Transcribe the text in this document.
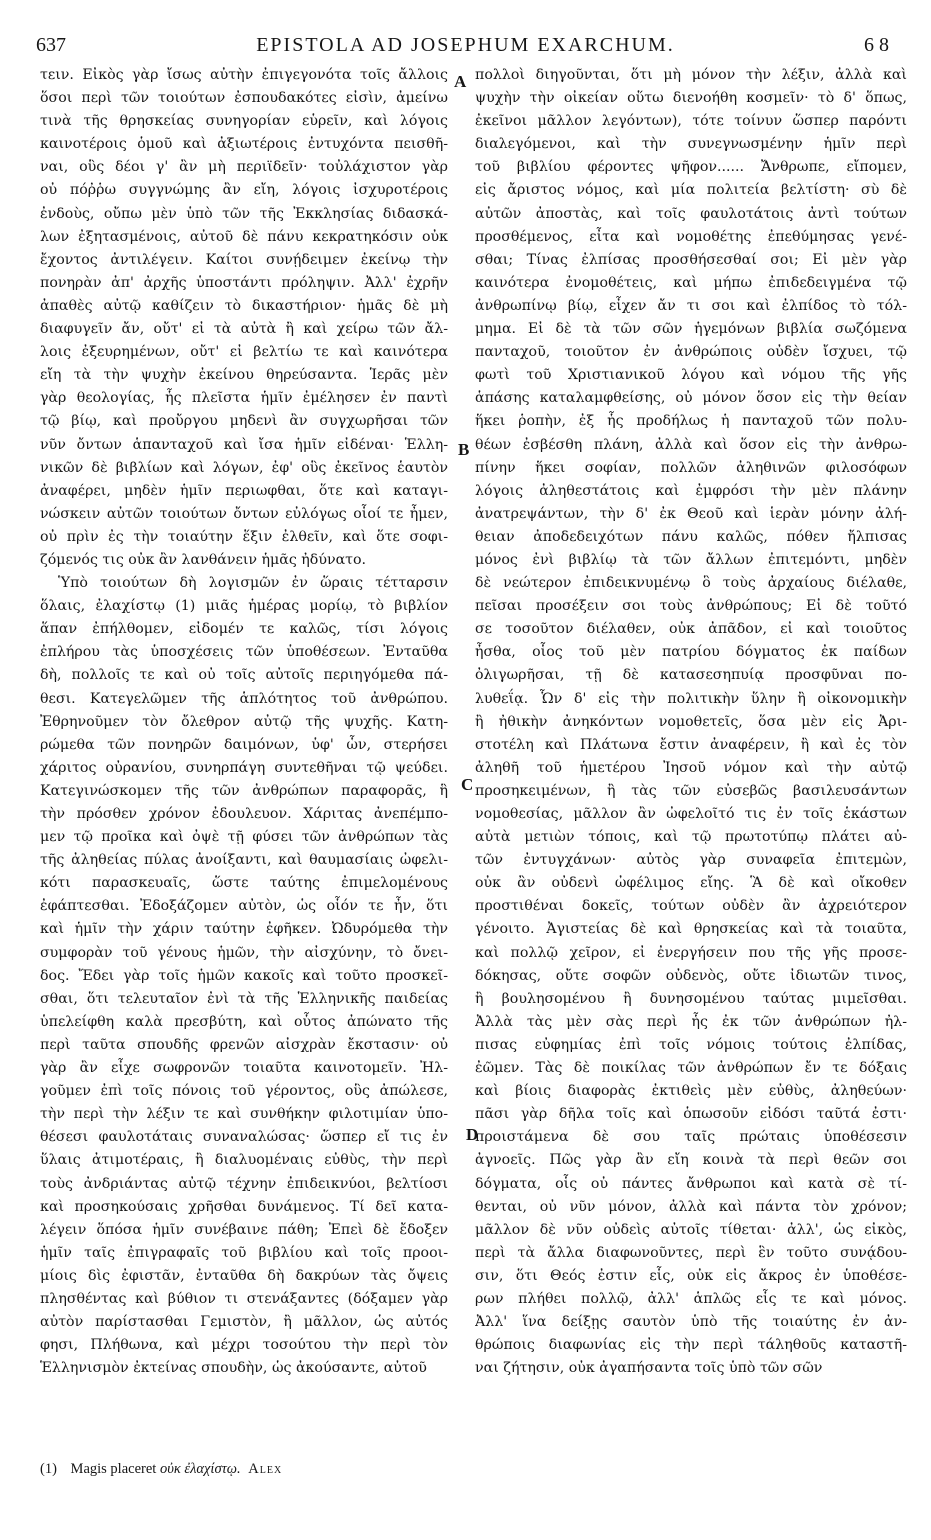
637	EPISTOLA AD JOSEPHUM EXARCHUM.	6 8
τειν. Εἰκὸς γὰρ ἴσως αὐτὴν ἐπιγεγονότα τοῖς ἄλλοις
ὅσοι περὶ τῶν τοιούτων ἐσπουδακότες εἰσὶν, ἀμείνω
τινὰ τῆς θρησκείας συνηγορίαν εὑρεῖν, καὶ λόγοις
καινοτέροις ὁμοῦ καὶ ἀξιωτέροις ἐντυχόντα πεισθῆ-
ναι, οὓς δέοι γ' ἂν μὴ περιϊδεῖν· τοὐλάχιστον γὰρ
οὐ πόῤῥω συγγνώμης ἂν εἴη, λόγοις ἰσχυροτέροις
ἐνδοὺς, οὔπω μὲν ὑπὸ τῶν τῆς Ἐκκλησίας διδασκά-
λων ἐξητασμένοις, αὐτοῦ δὲ πάνυ κεκρατηκόσιν οὐκ
ἔχοντος ἀντιλέγειν. Καίτοι συνῄδειμεν ἐκείνῳ τὴν
πονηρὰν ἀπ' ἀρχῆς ὑποστάντι πρόληψιν. Ἀλλ' ἐχρῆν
ἀπαθὲς αὐτῷ καθίζειν τὸ δικαστήριον· ἡμᾶς δὲ μὴ
διαφυγεῖν ἄν, οὔτ' εἰ τὰ αὐτὰ ἢ καὶ χείρω τῶν ἄλ-
λοις ἐξευρημένων, οὔτ' εἰ βελτίω τε καὶ καινότερα
εἴη τὰ τὴν ψυχὴν ἐκείνου θηρεύσαντα. Ἱερᾶς μὲν
γὰρ θεολογίας, ἧς πλεῖστα ἡμῖν ἐμέλησεν ἐν παντὶ
τῷ βίῳ, καὶ προὔργου μηδενὶ ἂν συγχωρῆσαι τῶν
νῦν ὄντων ἁπανταχοῦ καὶ ἴσα ἡμῖν εἰδέναι· Ἑλλη-
νικῶν δὲ βιβλίων καὶ λόγων, ἐφ' οὓς ἐκεῖνος ἑαυτὸν
ἀναφέρει, μηδὲν ἡμῖν περιωφθαι, ὅτε καὶ καταγι-
νώσκειν αὐτῶν τοιούτων ὄντων εὐλόγως οἷοί τε ἦμεν,
οὐ πρὶν ἐς τὴν τοιαύτην ἕξιν ἐλθεῖν, καὶ ὅτε σοφι-
ζόμενός τις οὐκ ἂν λανθάνειν ἡμᾶς ἠδύνατο.
Ὑπὸ τοιούτων δὴ λογισμῶν ἐν ὥραις τέτταρσιν
ὅλαις, ἐλαχίστῳ (1) μιᾶς ἡμέρας μορίῳ, τὸ βιβλίον
ἅπαν ἐπήλθομεν, εἰδομέν τε καλῶς, τίσι λόγοις
ἐπλήρου τὰς ὑποσχέσεις τῶν ὑποθέσεων. Ἐνταῦθα
δὴ, πολλοῖς τε καὶ οὐ τοῖς αὐτοῖς περιηγόμεθα πά-
θεσι. Κατεγελῶμεν τῆς ἁπλότητος τοῦ ἀνθρώπου.
Ἐθρηνοῦμεν τὸν ὄλεθρον αὐτῷ τῆς ψυχῆς. Κατη-
ρώμεθα τῶν πονηρῶν δαιμόνων, ὑφ' ὧν, στερήσει
χάριτος οὐρανίου, συνηρπάγη συντεθῆναι τῷ ψεύδει.
Κατεγινώσκομεν τῆς τῶν ἀνθρώπων παραφορᾶς, ἣ
τὴν πρόσθεν χρόνον ἐδουλευον. Χάριτας ἀνεπέμπο-
μεν τῷ προῖκα καὶ ὀψὲ τῇ φύσει τῶν ἀνθρώπων τὰς
τῆς ἀληθείας πύλας ἀνοίξαντι, καὶ θαυμασίαις ὠφελι-
κότι παρασκευαῖς, ὥστε ταύτης ἐπιμελομένους
ἐφάπτεσθαι. Ἐδοξάζομεν αὐτὸν, ὡς οἷόν τε ἦν, ὅτι
καὶ ἡμῖν τὴν χάριν ταύτην ἐφῆκεν. Ὠδυρόμεθα τὴν
συμφορὰν τοῦ γένους ἡμῶν, τὴν αἰσχύνην, τὸ ὄνει-
δος. Ἔδει γὰρ τοῖς ἡμῶν κακοῖς καὶ τοῦτο προσκεῖ-
σθαι, ὅτι τελευταῖον ἐνὶ τὰ τῆς Ἑλληνικῆς παιδείας
ὑπελείφθη καλὰ πρεσβύτη, καὶ οὗτος ἀπώνατο τῆς
περὶ ταῦτα σπουδῆς φρενῶν αἰσχρὰν ἔκστασιν· οὐ
γὰρ ἂν εἶχε σωφρονῶν τοιαῦτα καινοτομεῖν. Ἠλ-
γοῦμεν ἐπὶ τοῖς πόνοις τοῦ γέροντος, οὓς ἀπώλεσε,
τὴν περὶ τὴν λέξιν τε καὶ συνθήκην φιλοτιμίαν ὑπο-
θέσεσι φαυλοτάταις συναναλώσας· ὥσπερ εἴ τις ἐν
ὕλαις ἀτιμοτέραις, ἢ διαλυομέναις εὐθὺς, τὴν περὶ
τοὺς ἀνδριάντας αὐτῷ τέχνην ἐπιδεικνύοι, βελτίοσι
καὶ προσηκούσαις χρῆσθαι δυνάμενος. Τί δεῖ κατα-
λέγειν ὅπόσα ἡμῖν συνέβαινε πάθη; Ἐπεὶ δὲ ἔδοξεν
ἡμῖν ταῖς ἐπιγραφαῖς τοῦ βιβλίου καὶ τοῖς προοι-
μίοις δὶς ἐφιστᾶν, ἐνταῦθα δὴ δακρύων τὰς ὄψεις
πλησθέντας καὶ βύθιον τι στενάξαντες (δόξαμεν γὰρ
αὐτὸν παρίστασθαι Γεμιστὸν, ἢ μᾶλλον, ὡς αὐτός
φησι, Πλήθωνα, καὶ μέχρι τοσούτου τὴν περὶ τὸν
Ἑλληνισμὸν ἐκτείνας σπουδὴν, ὡς ἀκούσαντε, αὐτοῦ
πολλοὶ διηγοῦνται, ὅτι μὴ μόνον τὴν λέξιν, ἀλλὰ καὶ
ψυχὴν τὴν οἰκείαν οὕτω διενοήθη κοσμεῖν· τὸ δ' ὅπως,
ἐκεῖνοι μᾶλλον λεγόντων), τότε τοίνυν ὥσπερ παρόντι
διαλεγόμενοι, καὶ τὴν συνεγνωσμένην ἡμῖν περὶ
τοῦ βιβλίου φέροντες ψῆφον...... Ἄνθρωπε, εἴπομεν,
εἰς ἄριστος νόμος, καὶ μία πολιτεία βελτίστη· σὺ δὲ
αὐτῶν ἀποστὰς, καὶ τοῖς φαυλοτάτοις ἀντὶ τούτων
προσθέμενος, εἶτα καὶ νομοθέτης ἐπεθύμησας γενέ-
σθαι; Τίνας ἐλπίσας προσθήσεσθαί σοι; Εἰ μὲν γὰρ
καινότερα ἐνομοθέτεις, καὶ μήπω ἐπιδεδειγμένα τῷ
ἀνθρωπίνῳ βίῳ, εἶχεν ἄν τι σοι καὶ ἐλπίδος τὸ τόλ-
μημα. Εἰ δὲ τὰ τῶν σῶν ἡγεμόνων βιβλία σωζόμενα
πανταχοῦ, τοιοῦτον ἐν ἀνθρώποις οὐδὲν ἴσχυει, τῷ
φωτὶ τοῦ Χριστιανικοῦ λόγου καὶ νόμου τῆς γῆς
ἁπάσης καταλαμφθείσης, οὐ μόνον ὅσον εἰς τὴν θείαν
ἥκει ῥοπὴν, ἐξ ἧς προδήλως ἡ πανταχοῦ τῶν πολυ-
θέων ἐσβέσθη πλάνη, ἀλλὰ καὶ ὅσον εἰς τὴν ἀνθρω-
πίνην ἥκει σοφίαν, πολλῶν ἀληθινῶν φιλοσόφων
λόγοις ἀληθεστάτοις καὶ ἐμφρόσι τὴν μὲν πλάνην
ἀνατρεψάντων, τὴν δ' ἐκ Θεοῦ καὶ ἱερὰν μόνην ἀλή-
θειαν ἀποδεδειχότων πάνυ καλῶς, πόθεν ἤλπισας
μόνος ἐνὶ βιβλίῳ τὰ τῶν ἄλλων ἐπιτεμόντι, μηδὲν
δὲ νεώτερον ἐπιδεικνυμένῳ ὃ τοὺς ἀρχαίους διέλαθε,
πεῖσαι προσέξειν σοι τοὺς ἀνθρώπους; Εἰ δὲ τοῦτό
σε τοσοῦτον διέλαθεν, οὐκ ἀπᾶδον, εἰ καὶ τοιοῦτος
ἦσθα, οἷος τοῦ μὲν πατρίου δόγματος ἐκ παίδων
ὀλιγωρῆσαι, τῇ δὲ κατασεσηπυίᾳ προσφῦναι πο-
λυθεΐᾳ. Ὧν δ' εἰς τὴν πολιτικὴν ὕλην ἢ οἰκονομικὴν
ἢ ἠθικὴν ἀνηκόντων νομοθετεῖς, ὅσα μὲν εἰς Ἀρι-
στοτέλη καὶ Πλάτωνα ἔστιν ἀναφέρειν, ἢ καὶ ἐς τὸν
ἀληθῆ τοῦ ἡμετέρου Ἰησοῦ νόμον καὶ τὴν αὐτῷ
προσηκειμένων, ἢ τὰς τῶν εὐσεβῶς βασιλευσάντων
νομοθεσίας, μᾶλλον ἂν ὠφελοῖτό τις ἐν τοῖς ἑκάστων
αὐτὰ μετιὼν τόποις, καὶ τῷ πρωτοτύπῳ πλάτει αὐ-
τῶν ἐντυγχάνων· αὐτὸς γὰρ συναφεῖα ἐπιτεμὼν,
οὐκ ἂν οὐδενὶ ὠφέλιμος εἴης. Ἃ δὲ καὶ οἴκοθεν
προστιθέναι δοκεῖς, τούτων οὐδὲν ἂν ἀχρειότερον
γένοιτο. Ἀγιστείας δὲ καὶ θρησκείας καὶ τὰ τοιαῦτα,
καὶ πολλῷ χεῖρον, εἰ ἐνεργήσειν που τῆς γῆς προσε-
δόκησας, οὔτε σοφῶν οὐδενὸς, οὔτε ἰδιωτῶν τινος,
ἢ βουλησομένου ἢ δυνησομένου ταύτας μιμεῖσθαι.
Ἀλλὰ τὰς μὲν σὰς περὶ ἧς ἐκ τῶν ἀνθρώπων ἠλ-
πισας εὐφημίας ἐπὶ τοῖς νόμοις τούτοις ἐλπίδας,
ἐῶμεν. Τὰς δὲ ποικίλας τῶν ἀνθρώπων ἔν τε δόξαις
καὶ βίοις διαφορὰς ἐκτιθεὶς μὲν εὐθὺς, ἀληθεύων·
πᾶσι γὰρ δῆλα τοῖς καὶ ὁπωσοῦν εἰδόσι ταῦτά ἐστι·
προιστάμενα δὲ σου ταῖς πρώταις ὑποθέσεσιν
ἀγνοεῖς. Πῶς γὰρ ἂν εἴη κοινὰ τὰ περὶ θεῶν σοι
δόγματα, οἷς οὐ πάντες ἄνθρωποι καὶ κατὰ σὲ τί-
θενται, οὐ νῦν μόνον, ἀλλὰ καὶ πάντα τὸν χρόνον;
μᾶλλον δὲ νῦν οὐδεὶς αὐτοῖς τίθεται· ἀλλ', ὡς εἰκὸς,
περὶ τὰ ἄλλα διαφωνοῦντες, περὶ ἓν τοῦτο συνᾴδου-
σιν, ὅτι Θεός ἐστιν εἷς, οὐκ εἰς ἄκρος ἐν ὑποθέσε-
ρων πλήθει πολλῷ, ἀλλ' ἁπλῶς εἷς τε καὶ μόνος.
Ἀλλ' ἵνα δείξῃς σαυτὸν ὑπὸ τῆς τοιαύτης ἐν ἀν-
θρώποις διαφωνίας εἰς τὴν περὶ τάληθοῦς καταστῆ-
ναι ζήτησιν, οὐκ ἀγαπήσαντα τοῖς ὑπὸ τῶν σῶν
A
B
C
D
(1) Magis placeret οὐκ ἐλαχίστῳ. Alex
